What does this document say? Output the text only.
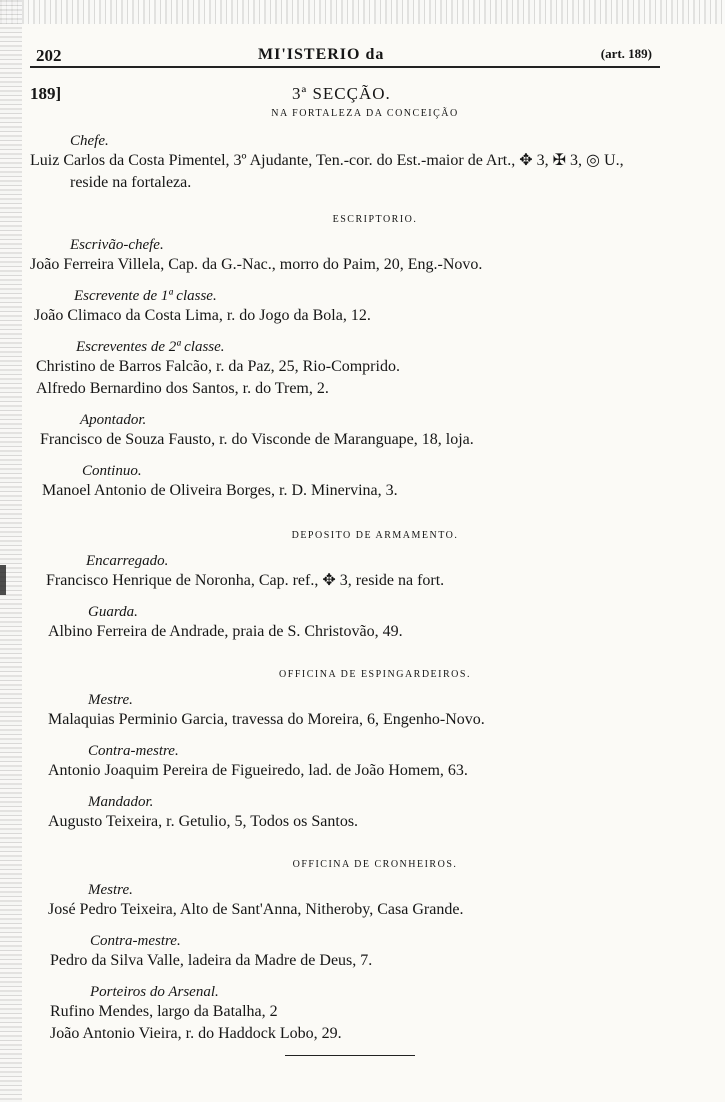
202	MI'ISTERIO da	(art. 189)
189]	3ª SECÇÃO.
NA FORTALEZA DA CONCEIÇÃO
Chefe.
Luiz Carlos da Costa Pimentel, 3º Ajudante, Ten.-cor. do Est.-maior de Art., ✥ 3, ✠ 3, ◎ U., reside na fortaleza.
ESCRIPTORIO.
Escrivão-chefe.
João Ferreira Villela, Cap. da G.-Nac., morro do Paim, 20, Eng.-Novo.
Escrevente de 1ª classe.
João Climaco da Costa Lima, r. do Jogo da Bola, 12.
Escreventes de 2ª classe.
Christino de Barros Falcão, r. da Paz, 25, Rio-Comprido.
Alfredo Bernardino dos Santos, r. do Trem, 2.
Apontador.
Francisco de Souza Fausto, r. do Visconde de Maranguape, 18, loja.
Continuo.
Manoel Antonio de Oliveira Borges, r. D. Minervina, 3.
DEPOSITO DE ARMAMENTO.
Encarregado.
Francisco Henrique de Noronha, Cap. ref., ✥ 3, reside na fort.
Guarda.
Albino Ferreira de Andrade, praia de S. Christovão, 49.
OFFICINA DE ESPINGARDEIROS.
Mestre.
Malaquias Perminio Garcia, travessa do Moreira, 6, Engenho-Novo.
Contra-mestre.
Antonio Joaquim Pereira de Figueiredo, lad. de João Homem, 63.
Mandador.
Augusto Teixeira, r. Getulio, 5, Todos os Santos.
OFFICINA DE CRONHEIROS.
Mestre.
José Pedro Teixeira, Alto de Sant'Anna, Nitheroby, Casa Grande.
Contra-mestre.
Pedro da Silva Valle, ladeira da Madre de Deus, 7.
Porteiros do Arsenal.
Rufino Mendes, largo da Batalha, 2
João Antonio Vieira, r. do Haddock Lobo, 29.
